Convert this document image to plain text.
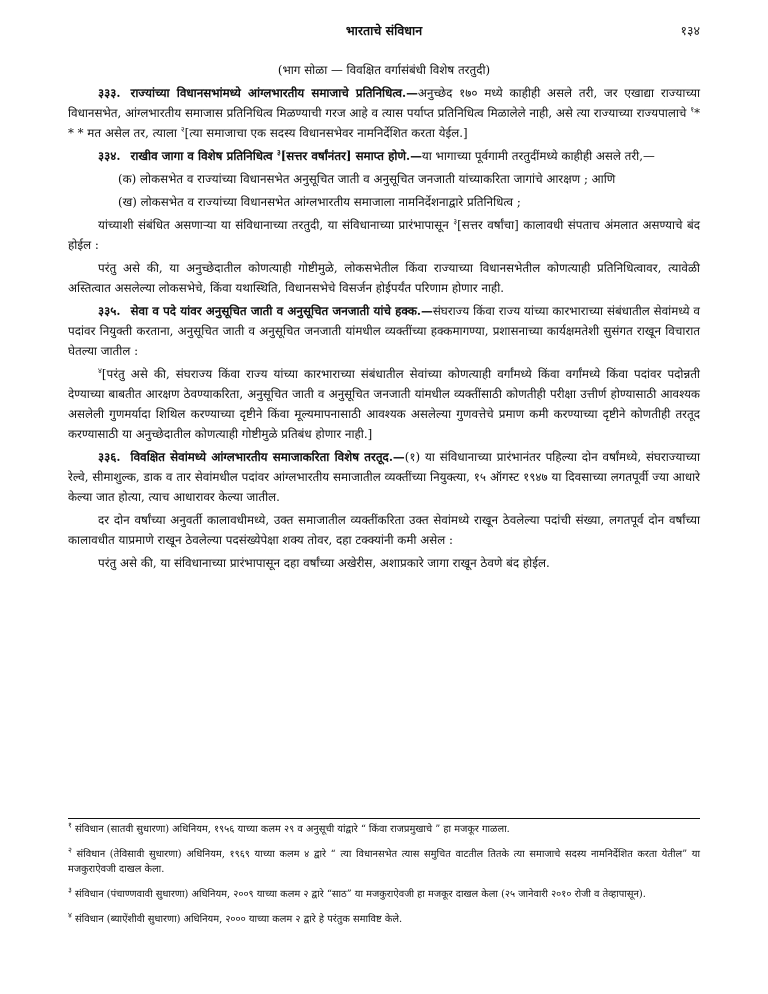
भारताचे संविधान	१३४
(भाग सोळा — विवक्षित वर्गासंबंधी विशेष तरतुदी)

३३३. राज्यांच्या विधानसभांमध्ये आंग्लभारतीय समाजाचे प्रतिनिधित्व.—अनुच्छेद १७० मध्ये काहीही असले तरी, जर एखाद्या राज्याच्या विधानसभेत, आंग्लभारतीय समाजास प्रतिनिधित्व मिळण्याची गरज आहे व त्यास पर्याप्त प्रतिनिधित्व मिळालेले नाही, असे त्या राज्याच्या राज्यपालाचे $^१$* * * मत असेल तर, त्याला $^२$[त्या समाजाचा एक सदस्य विधानसभेवर नामनिर्देशित करता येईल.]

३३४. राखीव जागा व विशेष प्रतिनिधित्व $^३$[सत्तर वर्षांनंतर] समाप्त होणे.—या भागाच्या पूर्वगामी तरतुदींमध्ये काहीही असले तरी,—

(क) लोकसभेत व राज्यांच्या विधानसभेत अनुसूचित जाती व अनुसूचित जनजाती यांच्याकरिता जागांचे आरक्षण ; आणि

(ख) लोकसभेत व राज्यांच्या विधानसभेत आंग्लभारतीय समाजाला नामनिर्देशनाद्वारे प्रतिनिधित्व ;

यांच्याशी संबंधित असणाऱ्या या संविधानाच्या तरतुदी, या संविधानाच्या प्रारंभापासून $^३$[सत्तर वर्षांचा] कालावधी संपताच अंमलात असण्याचे बंद होईल :

परंतु असे की, या अनुच्छेदातील कोणत्याही गोष्टीमुळे, लोकसभेतील किंवा राज्याच्या विधानसभेतील कोणत्याही प्रतिनिधित्वावर, त्यावेळी अस्तित्वात असलेल्या लोकसभेचे, किंवा यथास्थिति, विधानसभेचे विसर्जन होईपर्यंत परिणाम होणार नाही.

३३५. सेवा व पदे यांवर अनुसूचित जाती व अनुसूचित जनजाती यांचे हक्क.—संघराज्य किंवा राज्य यांच्या कारभाराच्या संबंधातील सेवांमध्ये व पदांवर नियुक्ती करताना, अनुसूचित जाती व अनुसूचित जनजाती यांमधील व्यक्तींच्या हक्कमागण्या, प्रशासनाच्या कार्यक्षमतेशी सुसंगत राखून विचारात घेतल्या जातील :

$^४$[परंतु असे की, संघराज्य किंवा राज्य यांच्या कारभाराच्या संबंधातील सेवांच्या कोणत्याही वर्गांमध्ये किंवा वर्गांमध्ये किंवा पदांवर पदोन्नती देण्याच्या बाबतीत आरक्षण ठेवण्याकरिता, अनुसूचित जाती व अनुसूचित जनजाती यांमधील व्यक्तींसाठी कोणतीही परीक्षा उत्तीर्ण होण्यासाठी आवश्यक असलेली गुणमर्यादा शिथिल करण्याच्या दृष्टीने किंवा मूल्यमापनासाठी आवश्यक असलेल्या गुणवत्तेचे प्रमाण कमी करण्याच्या दृष्टीने कोणतीही तरतूद करण्यासाठी या अनुच्छेदातील कोणत्याही गोष्टीमुळे प्रतिबंध होणार नाही.]

३३६. विवक्षित सेवांमध्ये आंग्लभारतीय समाजाकरिता विशेष तरतूद.—(१) या संविधानाच्या प्रारंभानंतर पहिल्या दोन वर्षांमध्ये, संघराज्याच्या रेल्वे, सीमाशुल्क, डाक व तार सेवांमधील पदांवर आंग्लभारतीय समाजातील व्यक्तींच्या नियुक्त्या, १५ ऑगस्ट १९४७ या दिवसाच्या लगतपूर्वी ज्या आधारे केल्या जात होत्या, त्याच आधारावर केल्या जातील.

दर दोन वर्षांच्या अनुवर्ती कालावधीमध्ये, उक्त समाजातील व्यक्तींकरिता उक्त सेवांमध्ये राखून ठेवलेल्या पदांची संख्या, लगतपूर्व दोन वर्षांच्या कालावधीत याप्रमाणे राखून ठेवलेल्या पदसंख्येपेक्षा शक्य तोवर, दहा टक्क्यांनी कमी असेल :

परंतु असे की, या संविधानाच्या प्रारंभापासून दहा वर्षांच्या अखेरीस, अशाप्रकारे जागा राखून ठेवणे बंद होईल.

$^१$ संविधान (सातवी सुधारणा) अधिनियम, १९५६ याच्या कलम २९ व अनुसूची यांद्वारे “ किंवा राजप्रमुखाचे ” हा मजकूर गाळला.
$^२$ संविधान (तेविसावी सुधारणा) अधिनियम, १९६९ याच्या कलम ४ द्वारे “ त्या विधानसभेत त्यास समुचित वाटतील तितके त्या समाजाचे सदस्य नामनिर्देशित करता येतील” या मजकुराऐवजी दाखल केला.
$^३$ संविधान (पंचाण्णवावी सुधारणा) अधिनियम, २००९ याच्या कलम २ द्वारे “साठ” या मजकुराऐवजी हा मजकूर दाखल केला (२५ जानेवारी २०१० रोजी व तेव्हापासून).
$^४$ संविधान (ब्याऐंशीवी सुधारणा) अधिनियम, २००० याच्या कलम २ द्वारे हे परंतुक समाविष्ट केले.
